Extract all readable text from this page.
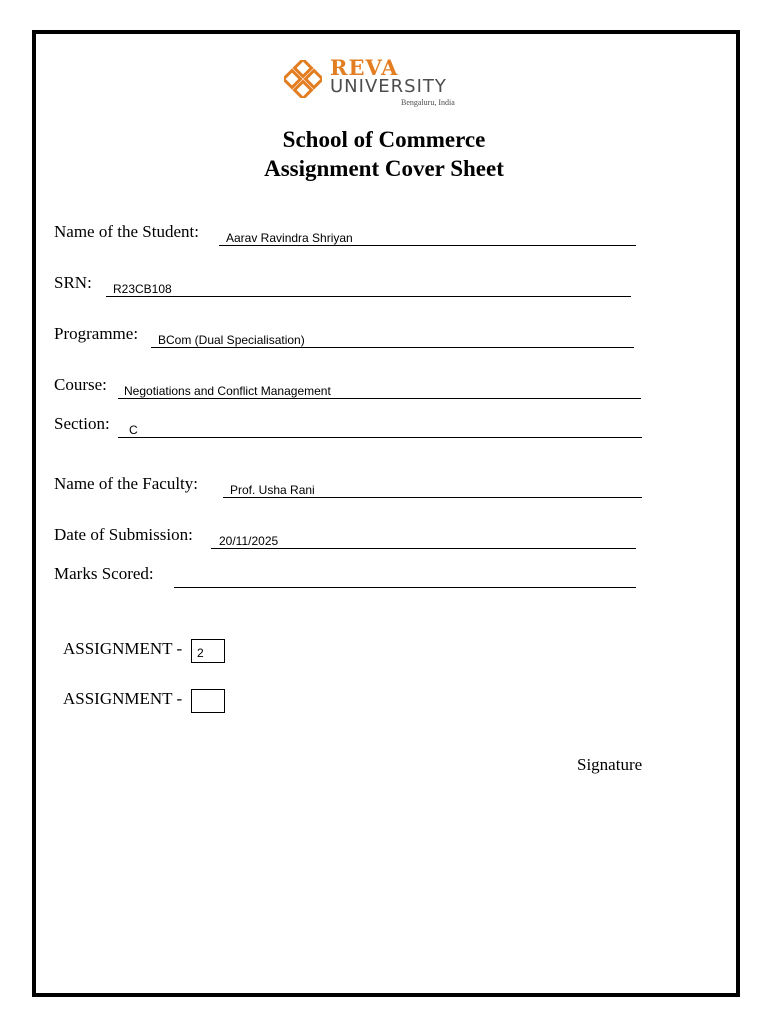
REVA
UNIVERSITY
Bengaluru, India
School of Commerce
Assignment Cover Sheet
Name of the Student: Aarav Ravindra Shriyan
SRN: R23CB108
Programme: BCom (Dual Specialisation)
Course: Negotiations and Conflict Management
Section: C
Name of the Faculty:	Prof. Usha Rani
Date of Submission: 20/11/2025
Marks Scored:
ASSIGNMENT - 2
ASSIGNMENT -
Signature
